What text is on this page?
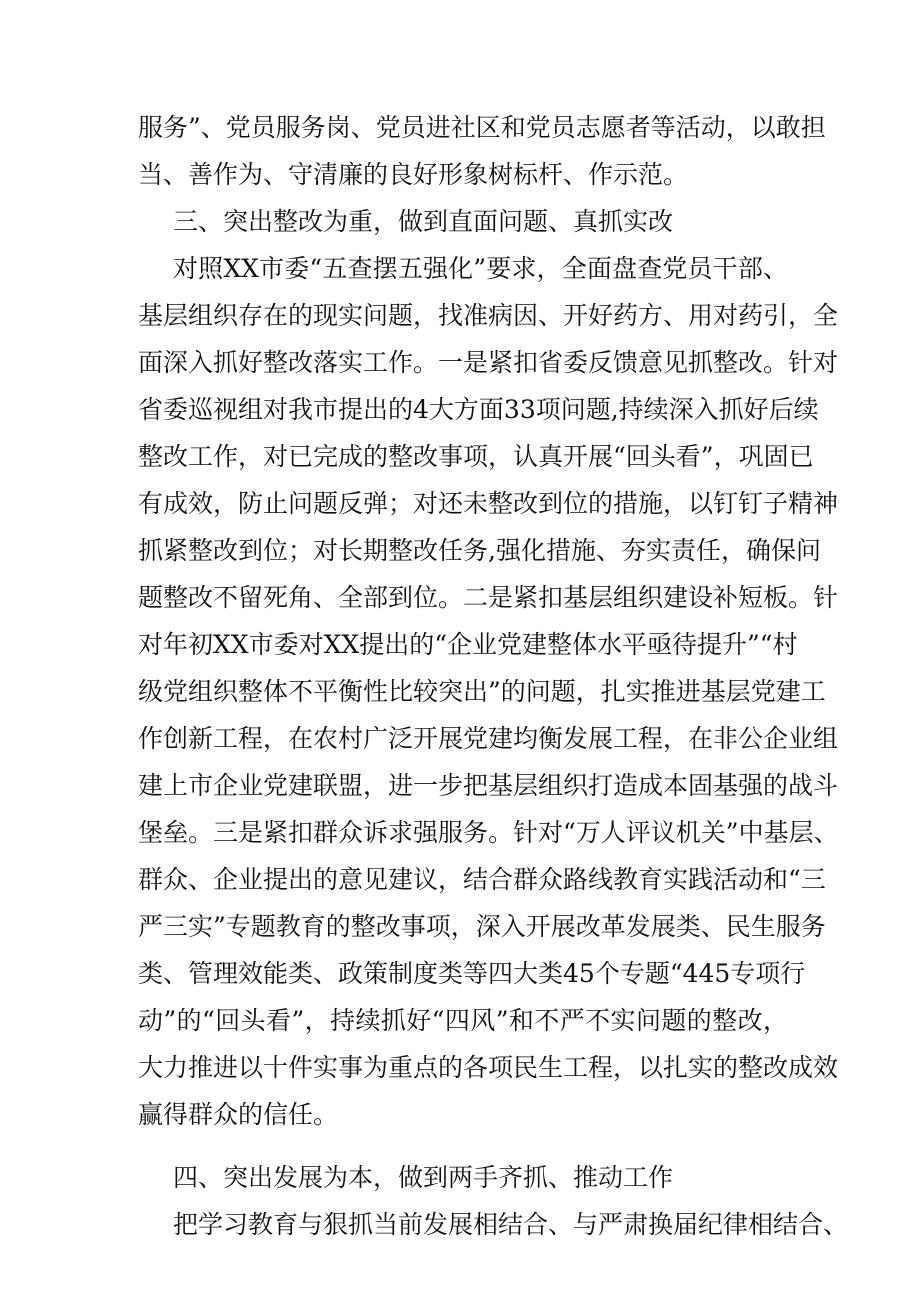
服务”、党员服务岗、党员进社区和党员志愿者等活动，以敢担
当、善作为、守清廉的良好形象树标杆、作示范。
三、突出整改为重，做到直面问题、真抓实改
对照XX市委“五查摆五强化”要求，全面盘查党员干部、
基层组织存在的现实问题，找准病因、开好药方、用对药引，全
面深入抓好整改落实工作。一是紧扣省委反馈意见抓整改。针对
省委巡视组对我市提出的4大方面33项问题,持续深入抓好后续
整改工作，对已完成的整改事项，认真开展“回头看”，巩固已
有成效，防止问题反弹；对还未整改到位的措施，以钉钉子精神
抓紧整改到位；对长期整改任务,强化措施、夯实责任，确保问
题整改不留死角、全部到位。二是紧扣基层组织建设补短板。针
对年初XX市委对XX提出的“企业党建整体水平亟待提升”“村
级党组织整体不平衡性比较突出”的问题，扎实推进基层党建工
作创新工程，在农村广泛开展党建均衡发展工程，在非公企业组
建上市企业党建联盟，进一步把基层组织打造成本固基强的战斗
堡垒。三是紧扣群众诉求强服务。针对“万人评议机关”中基层、
群众、企业提出的意见建议，结合群众路线教育实践活动和“三
严三实”专题教育的整改事项，深入开展改革发展类、民生服务
类、管理效能类、政策制度类等四大类45个专题“445专项行
动”的“回头看”，持续抓好“四风”和不严不实问题的整改，
大力推进以十件实事为重点的各项民生工程，以扎实的整改成效
赢得群众的信任。
四、突出发展为本，做到两手齐抓、推动工作
把学习教育与狠抓当前发展相结合、与严肃换届纪律相结合、
